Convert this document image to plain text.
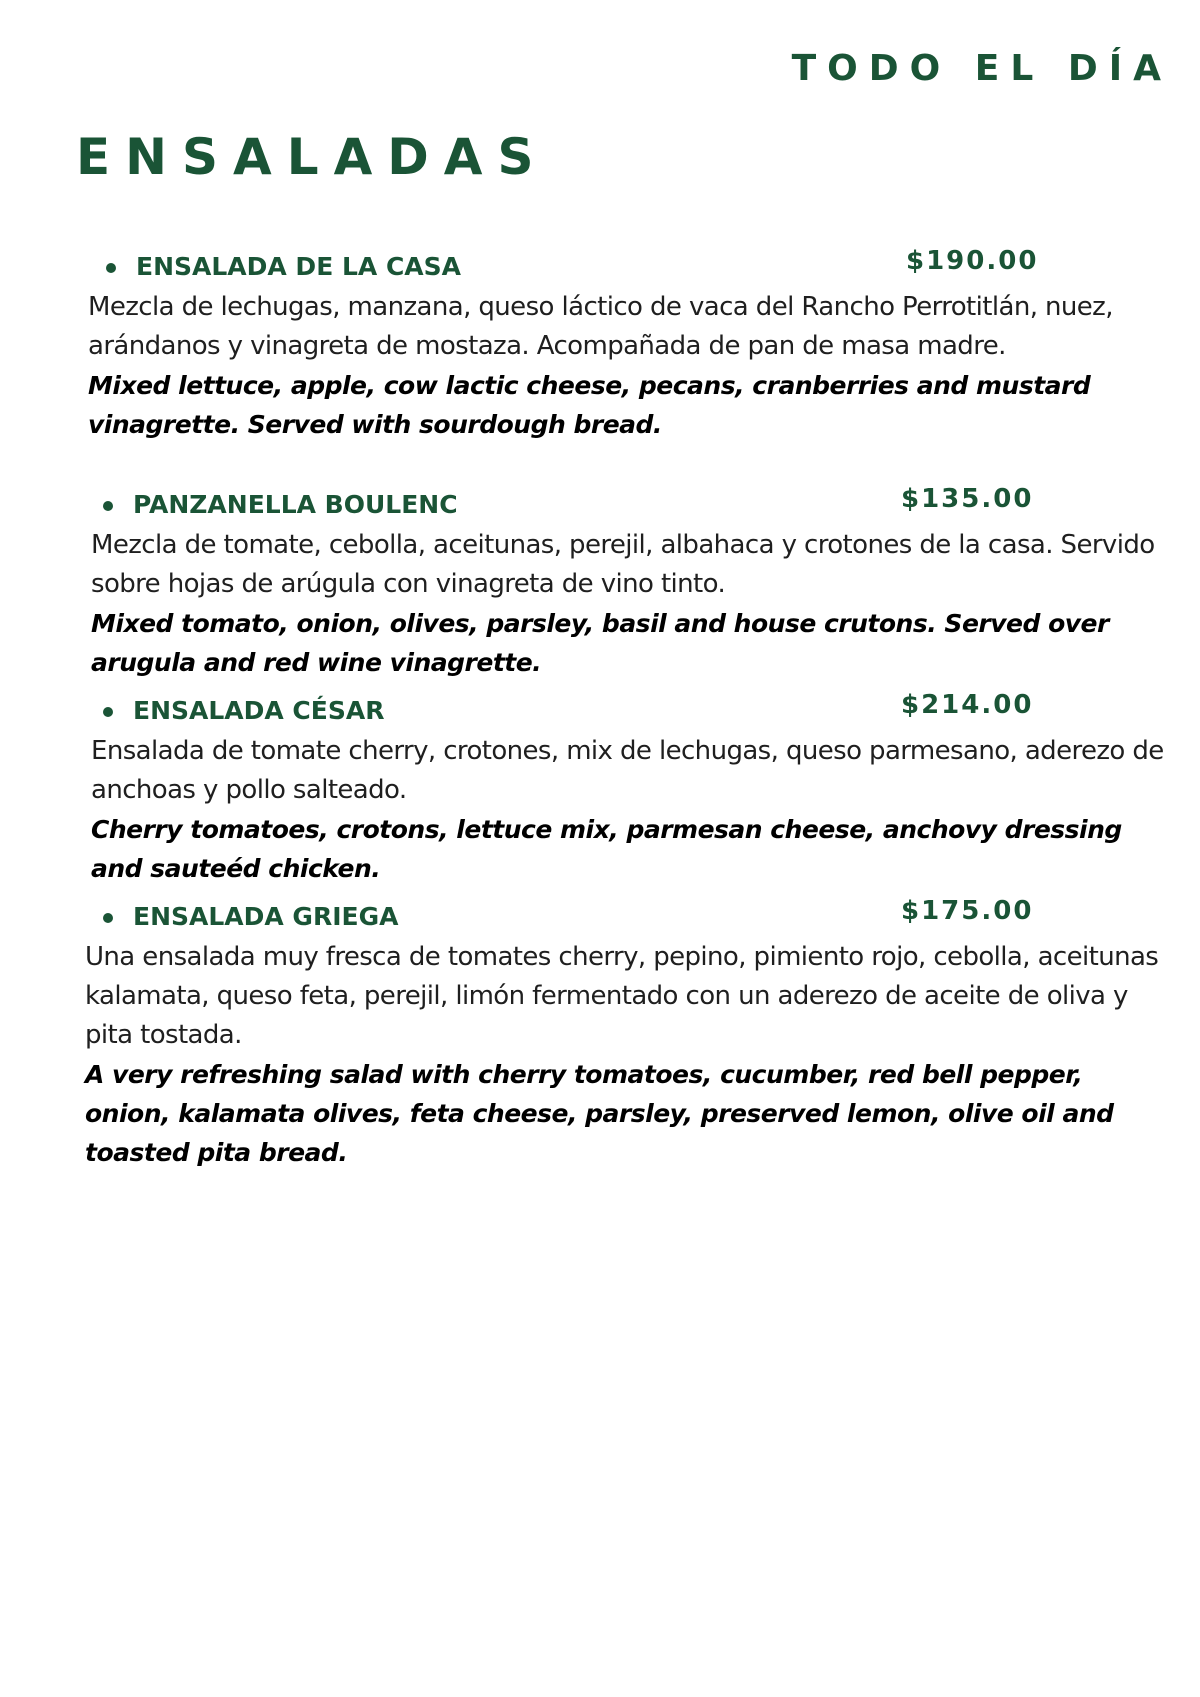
TODO EL DÍA
ENSALADAS
ENSALADA DE LA CASA	$190.00

Mezcla de lechugas, manzana, queso láctico de vaca del Rancho Perrotitlán, nuez, arándanos y vinagreta de mostaza. Acompañada de pan de masa madre.

Mixed lettuce, apple, cow lactic cheese, pecans, cranberries and mustard vinagrette. Served with sourdough bread.

PANZANELLA BOULENC	$135.00

Mezcla de tomate, cebolla, aceitunas, perejil, albahaca y crotones de la casa. Servido sobre hojas de arúgula con vinagreta de vino tinto.

Mixed tomato, onion, olives, parsley, basil and house crutons. Served over arugula and red wine vinagrette.

ENSALADA CÉSAR	$214.00

Ensalada de tomate cherry, crotones, mix de lechugas, queso parmesano, aderezo de anchoas y pollo salteado.

Cherry tomatoes, crotons, lettuce mix, parmesan cheese, anchovy dressing and sauteéd chicken.

ENSALADA GRIEGA	$175.00

Una ensalada muy fresca de tomates cherry, pepino, pimiento rojo, cebolla, aceitunas kalamata, queso feta, perejil, limón fermentado con un aderezo de aceite de oliva y pita tostada.

A very refreshing salad with cherry tomatoes, cucumber, red bell pepper, onion, kalamata olives, feta cheese, parsley, preserved lemon, olive oil and toasted pita bread.
